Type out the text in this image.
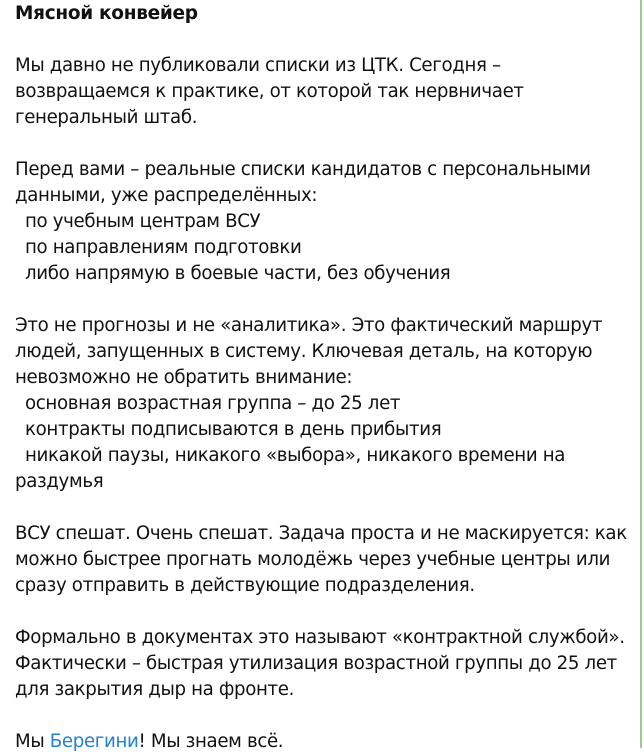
Мясной конвейер
Мы давно не публиковали списки из ЦТК. Сегодня –
возвращаемся к практике, от которой так нервничает
генеральный штаб.
Перед вами – реальные списки кандидатов с персональными
данными, уже распределённых:
по учебным центрам ВСУ
по направлениям подготовки
либо напрямую в боевые части, без обучения
Это не прогнозы и не «аналитика». Это фактический маршрут
людей, запущенных в систему. Ключевая деталь, на которую
невозможно не обратить внимание:
основная возрастная группа – до 25 лет
контракты подписываются в день прибытия
никакой паузы, никакого «выбора», никакого времени на
раздумья
ВСУ спешат. Очень спешат. Задача проста и не маскируется: как
можно быстрее прогнать молодёжь через учебные центры или
сразу отправить в действующие подразделения.
Формально в документах это называют «контрактной службой».
Фактически – быстрая утилизация возрастной группы до 25 лет
для закрытия дыр на фронте.
Мы Берегини! Мы знаем всё.
